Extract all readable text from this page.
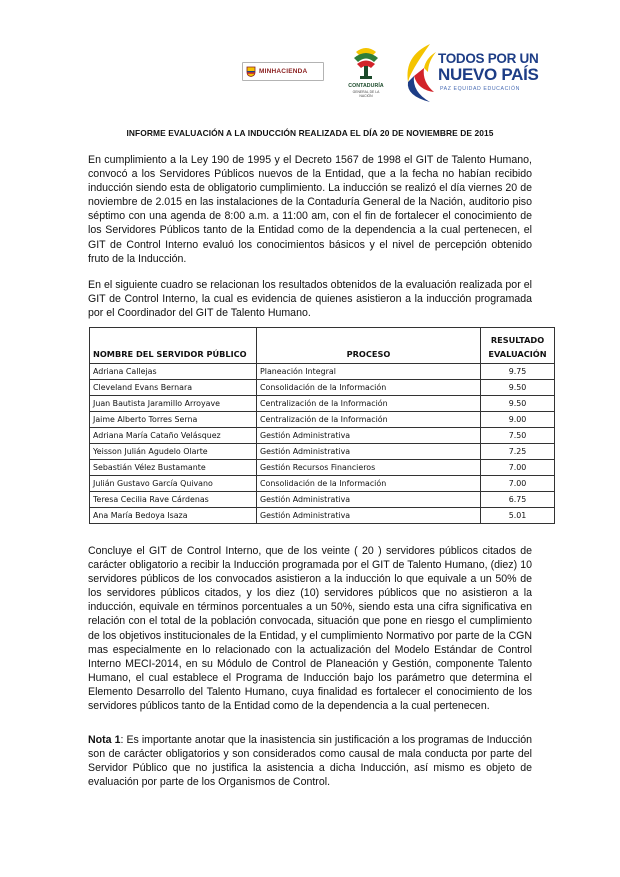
MINHACIENDA
CONTADURÍA
GENERAL DE LA NACIÓN
TODOS POR UN
NUEVO PAÍS
PAZ EQUIDAD EDUCACIÓN
INFORME EVALUACIÓN A LA INDUCCIÓN REALIZADA EL DÍA 20 DE NOVIEMBRE DE 2015

En cumplimiento a la Ley 190 de 1995 y el Decreto 1567 de 1998 el GIT de Talento Humano, convocó a los Servidores Públicos nuevos de la Entidad, que a la fecha no habían recibido inducción siendo esta de obligatorio cumplimiento. La inducción se realizó el día viernes 20 de noviembre de 2.015 en las instalaciones de la Contaduría General de la Nación, auditorio piso séptimo con una agenda de 8:00 a.m. a 11:00 am, con el fin de fortalecer el conocimiento de los Servidores Públicos tanto de la Entidad como de la dependencia a la cual pertenecen, el GIT de Control Interno evaluó los conocimientos básicos y el nivel de percepción obtenido fruto de la Inducción.

En el siguiente cuadro se relacionan los resultados obtenidos de la evaluación realizada por el GIT de Control Interno, la cual es evidencia de quienes asistieron a la inducción programada por el Coordinador del GIT de Talento Humano.

NOMBRE DEL SERVIDOR PÚBLICO	PROCESO	RESULTADO EVALUACIÓN
Adriana Callejas	Planeación Integral	9.75
Cleveland Evans Bernara	Consolidación de la Información	9.50
Juan Bautista Jaramillo Arroyave	Centralización de la Información	9.50
Jaime Alberto Torres Serna	Centralización de la Información	9.00
Adriana María Cataño Velásquez	Gestión Administrativa	7.50
Yeisson Julián Agudelo Olarte	Gestión Administrativa	7.25
Sebastián Vélez Bustamante	Gestión Recursos Financieros	7.00
Julián Gustavo García Quivano	Consolidación de la Información	7.00
Teresa Cecilia Rave Cárdenas	Gestión Administrativa	6.75
Ana María Bedoya Isaza	Gestión Administrativa	5.01

Concluye el GIT de Control Interno, que de los veinte ( 20 ) servidores públicos citados de carácter obligatorio a recibir la Inducción programada por el GIT de Talento Humano, (diez) 10 servidores públicos de los convocados asistieron a la inducción lo que equivale a un 50% de los servidores públicos citados, y los diez (10) servidores públicos que no asistieron a la inducción, equivale en términos porcentuales a un 50%, siendo esta una cifra significativa en relación con el total de la población convocada, situación que pone en riesgo el cumplimiento de los objetivos institucionales de la Entidad, y el cumplimiento Normativo por parte de la CGN mas especialmente en lo relacionado con la actualización del Modelo Estándar de Control Interno MECI-2014, en su Módulo de Control de Planeación y Gestión, componente Talento Humano, el cual establece el Programa de Inducción bajo los parámetro que determina el Elemento Desarrollo del Talento Humano, cuya finalidad es fortalecer el conocimiento de los servidores públicos tanto de la Entidad como de la dependencia a la cual pertenecen.

Nota 1: Es importante anotar que la inasistencia sin justificación a los programas de Inducción son de carácter obligatorios y son considerados como causal de mala conducta por parte del Servidor Público que no justifica la asistencia a dicha Inducción, así mismo es objeto de evaluación por parte de los Organismos de Control.
